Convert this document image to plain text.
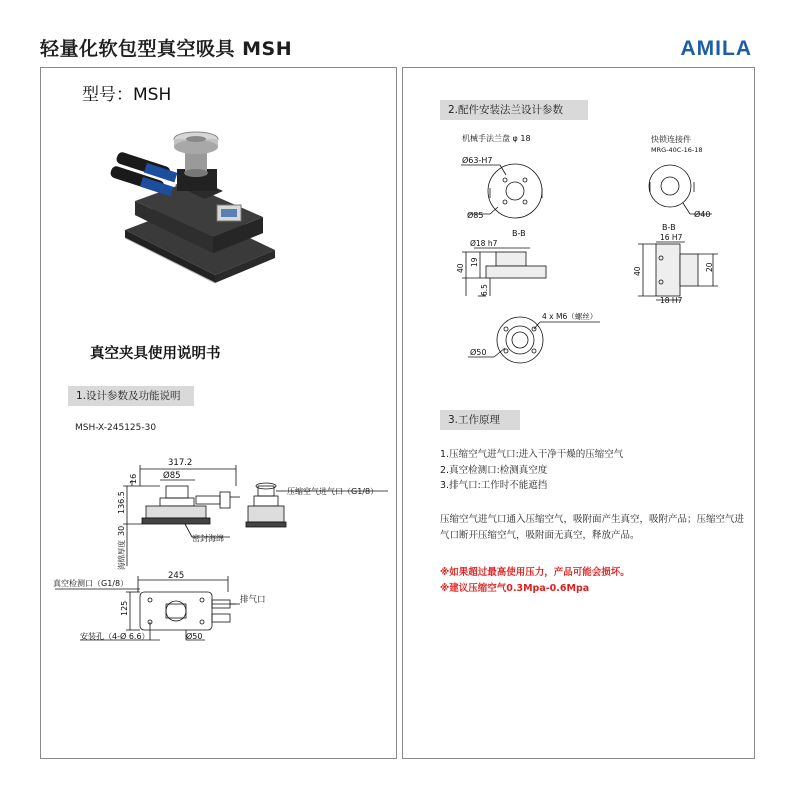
轻量化软包型真空吸具 MSH	AMILA
型号：MSH
真空夹具使用说明书
1.设计参数及功能说明
MSH-X-245125-30
317.2
Ø85
16
136.5
30
海绵厚度
压缩空气进气口（G1/8）
密封海绵
245
125
真空检测口（G1/8）
排气口
安装孔（4-Ø 6.6）	Ø50
机械手法兰盘 φ 18	快锁连接件
MRG-40C-16-18
Ø63-H7
Ø85	Ø40
B-B
Ø18 h7
40
19
6.5
B-B
16 H7
40	20
18 H7
4 x M6（螺丝）
Ø50
2.配件安装法兰设计参数
3.工作原理
1.压缩空气进气口:进入干净干燥的压缩空气
2.真空检测口:检测真空度
3.排气口:工作时不能遮挡
压缩空气进气口通入压缩空气，吸附面产生真空，吸附产品；压缩空气进气口断开压缩空气，吸附面无真空，释放产品。
※如果超过最高使用压力，产品可能会损坏。
※建议压缩空气0.3Mpa-0.6Mpa
